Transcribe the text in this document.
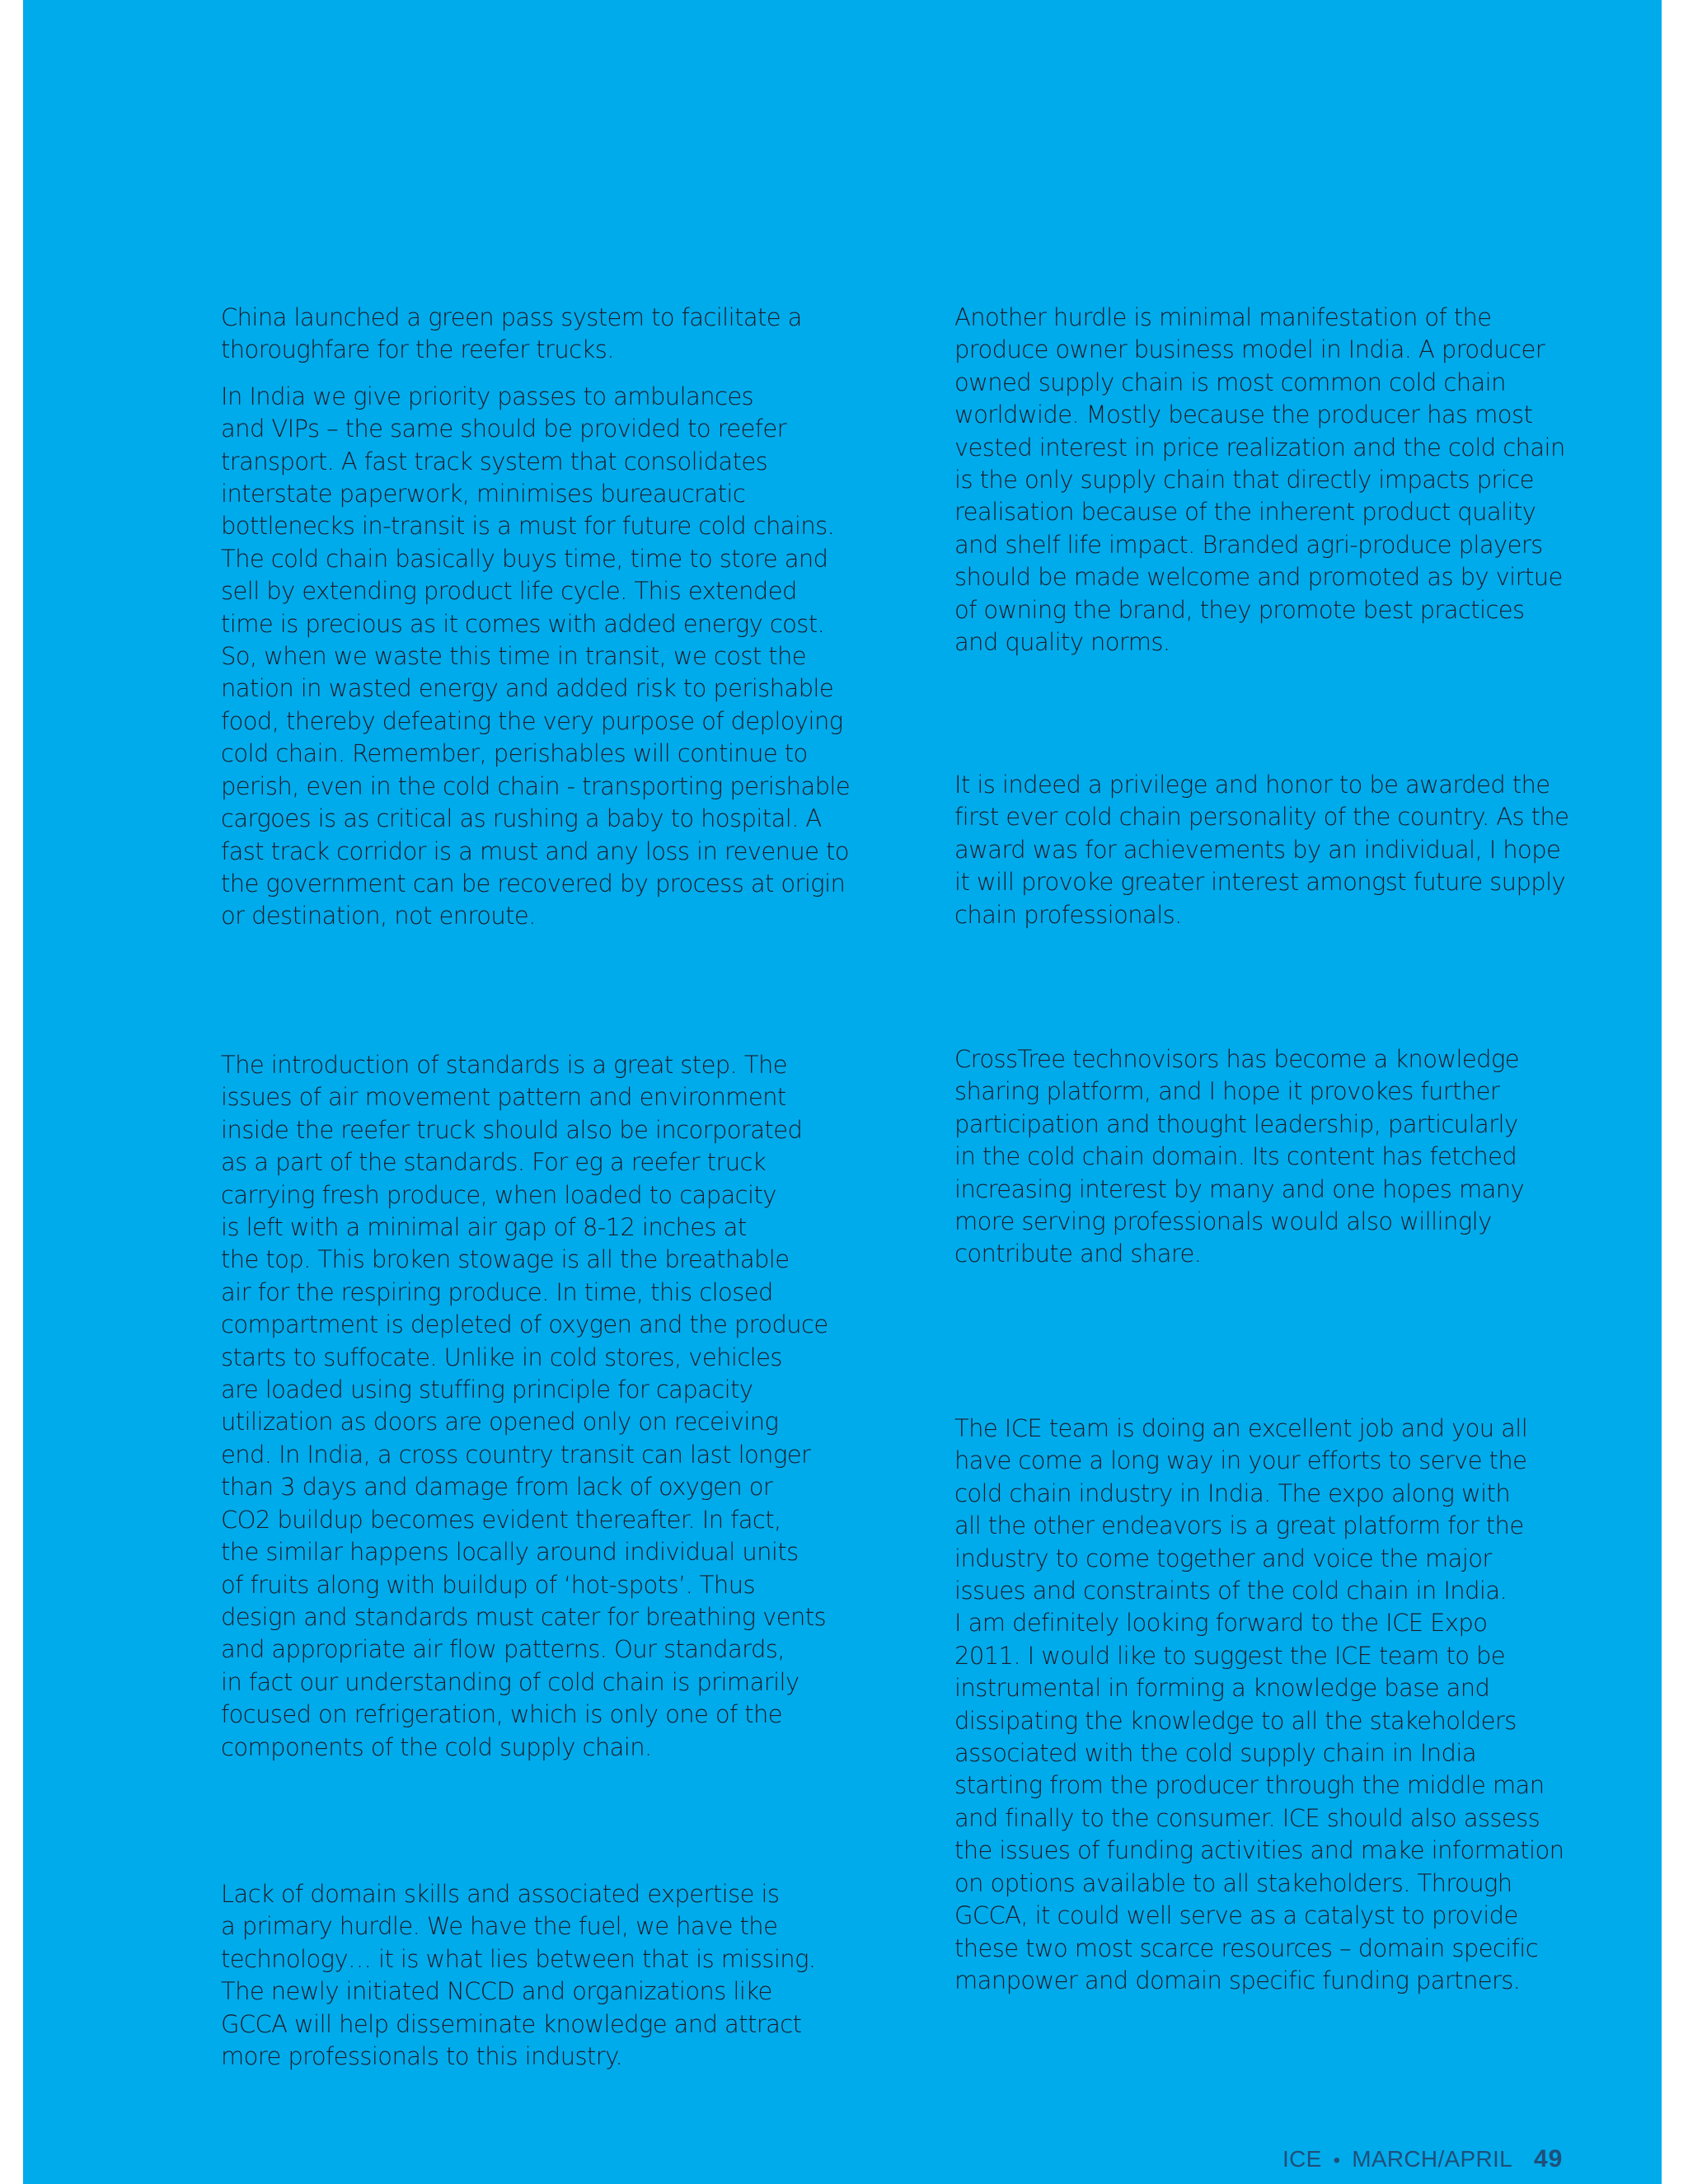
China launched a green pass system to facilitate a
thoroughfare for the reefer trucks.

In India we give priority passes to ambulances
and VIPs – the same should be provided to reefer
transport. A fast track system that consolidates
interstate paperwork, minimises bureaucratic
bottlenecks in-transit is a must for future cold chains.
The cold chain basically buys time, time to store and
sell by extending product life cycle. This extended
time is precious as it comes with added energy cost.
So, when we waste this time in transit, we cost the
nation in wasted energy and added risk to perishable
food, thereby defeating the very purpose of deploying
cold chain. Remember, perishables will continue to
perish, even in the cold chain - transporting perishable
cargoes is as critical as rushing a baby to hospital. A
fast track corridor is a must and any loss in revenue to
the government can be recovered by process at origin
or destination, not enroute.

The introduction of standards is a great step. The
issues of air movement pattern and environment
inside the reefer truck should also be incorporated
as a part of the standards. For eg a reefer truck
carrying fresh produce, when loaded to capacity
is left with a minimal air gap of 8-12 inches at
the top. This broken stowage is all the breathable
air for the respiring produce. In time, this closed
compartment is depleted of oxygen and the produce
starts to suffocate. Unlike in cold stores, vehicles
are loaded using stuffing principle for capacity
utilization as doors are opened only on receiving
end. In India, a cross country transit can last longer
than 3 days and damage from lack of oxygen or
CO2 buildup becomes evident thereafter. In fact,
the similar happens locally around individual units
of fruits along with buildup of ‘hot-spots’. Thus
design and standards must cater for breathing vents
and appropriate air flow patterns. Our standards,
in fact our understanding of cold chain is primarily
focused on refrigeration, which is only one of the
components of the cold supply chain.

Lack of domain skills and associated expertise is
a primary hurdle. We have the fuel, we have the
technology… it is what lies between that is missing.
The newly initiated NCCD and organizations like
GCCA will help disseminate knowledge and attract
more professionals to this industry.

Another hurdle is minimal manifestation of the
produce owner business model in India. A producer
owned supply chain is most common cold chain
worldwide. Mostly because the producer has most
vested interest in price realization and the cold chain
is the only supply chain that directly impacts price
realisation because of the inherent product quality
and shelf life impact. Branded agri-produce players
should be made welcome and promoted as by virtue
of owning the brand, they promote best practices
and quality norms.

It is indeed a privilege and honor to be awarded the
first ever cold chain personality of the country. As the
award was for achievements by an individual, I hope
it will provoke greater interest amongst future supply
chain professionals.

CrossTree technovisors has become a knowledge
sharing platform, and I hope it provokes further
participation and thought leadership, particularly
in the cold chain domain. Its content has fetched
increasing interest by many and one hopes many
more serving professionals would also willingly
contribute and share.

The ICE team is doing an excellent job and you all
have come a long way in your efforts to serve the
cold chain industry in India. The expo along with
all the other endeavors is a great platform for the
industry to come together and voice the major
issues and constraints of the cold chain in India.
I am definitely looking forward to the ICE Expo
2011. I would like to suggest the ICE team to be
instrumental in forming a knowledge base and
dissipating the knowledge to all the stakeholders
associated with the cold supply chain in India
starting from the producer through the middle man
and finally to the consumer. ICE should also assess
the issues of funding activities and make information
on options available to all stakeholders. Through
GCCA, it could well serve as a catalyst to provide
these two most scarce resources – domain specific
manpower and domain specific funding partners.

ICE • MARCH/APRIL 49
